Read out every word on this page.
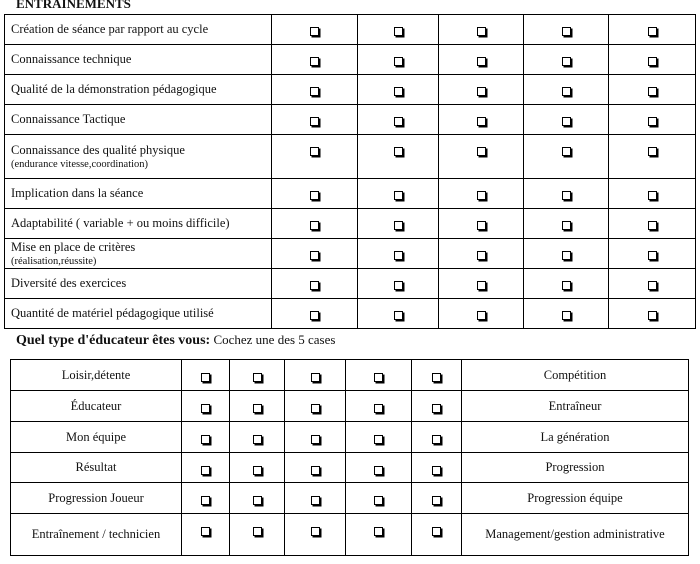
ENTRAINEMENTS
Création de séance par rapport au cycle					
Connaissance technique					
Qualité de la démonstration pédagogique					
Connaissance Tactique					
Connaissance des qualité physique
(endurance vitesse,coordination)					

Implication dans la séance					
Adaptabilité ( variable + ou moins difficile)					
Mise en place de critères
(réalisation,réussite)					

Diversité des exercices					
Quantité de matériel pédagogique utilisé					
Quel type d'éducateur êtes vous: Cochez une des 5 cases
Loisir,détente						Compétition
Éducateur						Entraîneur
Mon équipe						La génération
Résultat						Progression
Progression Joueur						Progression équipe
Entraînement / technicien						Management/gestion administrative
